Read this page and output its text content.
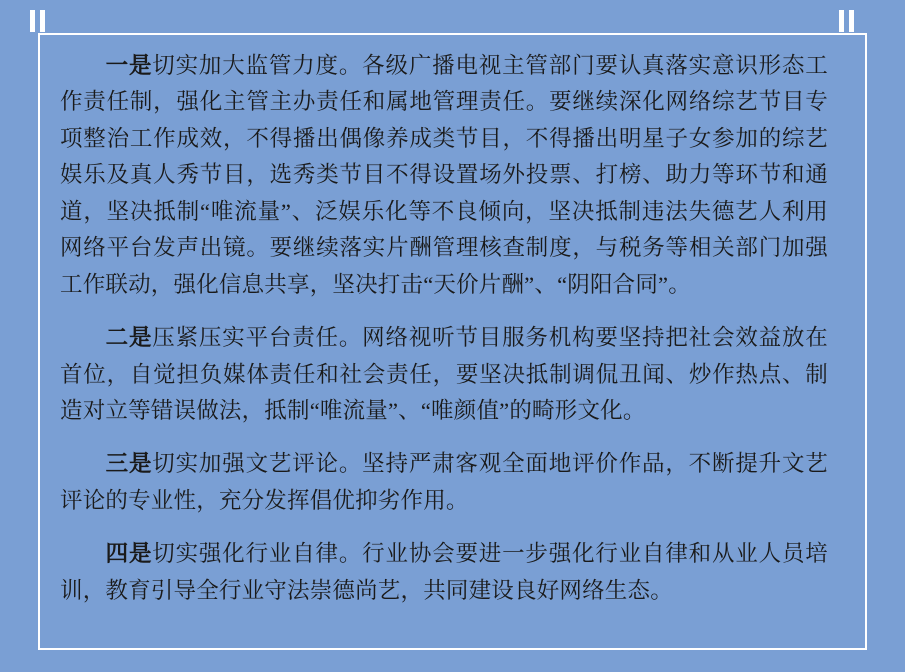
一是切实加大监管力度。各级广播电视主管部门要认真落实意识形态工作责任制，强化主管主办责任和属地管理责任。要继续深化网络综艺节目专项整治工作成效，不得播出偶像养成类节目，不得播出明星子女参加的综艺娱乐及真人秀节目，选秀类节目不得设置场外投票、打榜、助力等环节和通道，坚决抵制“唯流量”、泛娱乐化等不良倾向，坚决抵制违法失德艺人利用网络平台发声出镜。要继续落实片酬管理核查制度，与税务等相关部门加强工作联动，强化信息共享，坚决打击“天价片酬”、“阴阳合同”。

二是压紧压实平台责任。网络视听节目服务机构要坚持把社会效益放在首位，自觉担负媒体责任和社会责任，要坚决抵制调侃丑闻、炒作热点、制造对立等错误做法，抵制“唯流量”、“唯颜值”的畸形文化。

三是切实加强文艺评论。坚持严肃客观全面地评价作品，不断提升文艺评论的专业性，充分发挥倡优抑劣作用。

四是切实强化行业自律。行业协会要进一步强化行业自律和从业人员培训，教育引导全行业守法崇德尚艺，共同建设良好网络生态。
